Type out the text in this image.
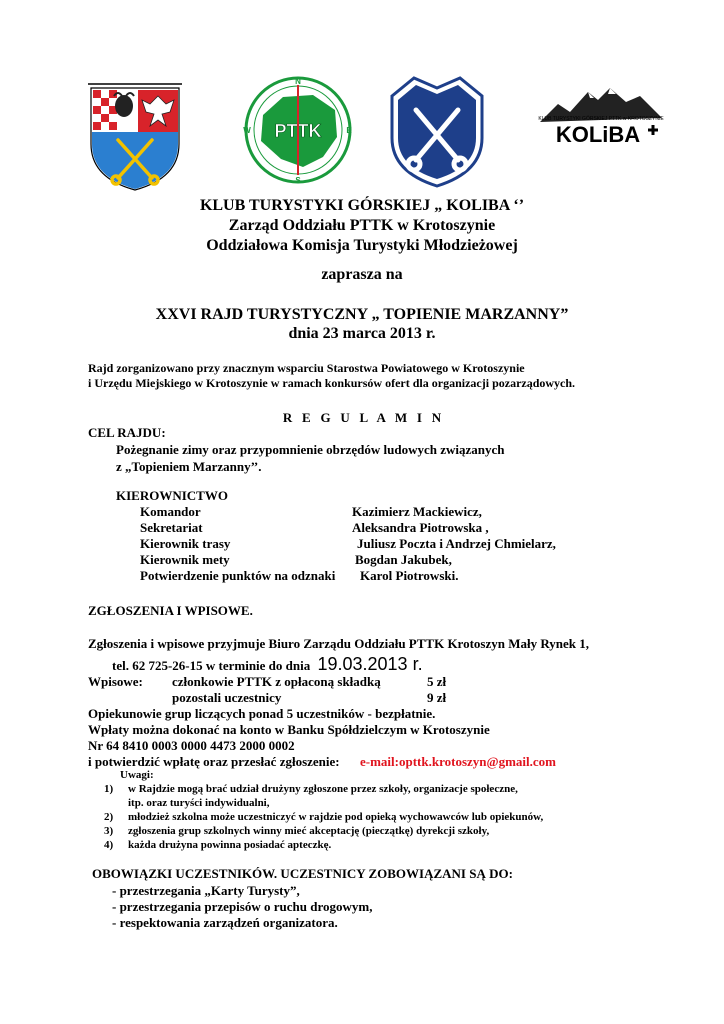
PTTK
N
S
W	E
KLUB TURYSTYKI GÓRSKIEJ PTTK w KROTOSZYNIE
KOLiBA
KLUB TURYSTYKI GÓRSKIEJ „ KOLIBA ‘’
Zarząd Oddziału PTTK w Krotoszynie
Oddziałowa Komisja Turystyki Młodzieżowej
zaprasza na
XXVI RAJD TURYSTYCZNY „ TOPIENIE MARZANNY”
dnia 23 marca 2013 r.
Rajd zorganizowano przy znacznym wsparciu Starostwa Powiatowego w Krotoszynie
i Urzędu Miejskiego w Krotoszynie w ramach konkursów ofert dla organizacji pozarządowych.
R   E   G   U   L   A   M   I   N
CEL RAJDU:
Pożegnanie zimy oraz przypomnienie obrzędów ludowych związanych
z „Topieniem Marzanny’’.
KIEROWNICTWO
Komandor	Kazimierz Mackiewicz,
Sekretariat	Aleksandra Piotrowska ,
Kierownik trasy	Juliusz Poczta i Andrzej Chmielarz,
Kierownik mety	Bogdan Jakubek,
Potwierdzenie punktów na odznaki Karol Piotrowski.
ZGŁOSZENIA I WPISOWE.
Zgłoszenia i wpisowe przyjmuje Biuro Zarządu Oddziału PTTK Krotoszyn Mały Rynek 1,
tel. 62 725-26-15 w terminie do dnia 19.03.2013 r.
Wpisowe: członkowie PTTK z opłaconą składką	5 zł
pozostali uczestnicy	9 zł
Opiekunowie grup liczących ponad 5 uczestników - bezpłatnie.
Wpłaty można dokonać na konto w Banku Spółdzielczym w Krotoszynie
Nr 64 8410 0003 0000 4473 2000 0002
i potwierdzić wpłatę oraz przesłać zgłoszenie: e-mail:opttk.krotoszyn@gmail.com
Uwagi:
1) w Rajdzie mogą brać udział drużyny zgłoszone przez szkoły, organizacje społeczne,
itp. oraz turyści indywidualni,
2) młodzież szkolna może uczestniczyć w rajdzie pod opieką wychowawców lub opiekunów,
3) zgłoszenia grup szkolnych winny mieć akceptację (pieczątkę) dyrekcji szkoły,
4) każda drużyna powinna posiadać apteczkę.
OBOWIĄZKI UCZESTNIKÓW. UCZESTNICY ZOBOWIĄZANI SĄ DO:
- przestrzegania „Karty Turysty”,
- przestrzegania przepisów o ruchu drogowym,
- respektowania zarządzeń organizatora.
